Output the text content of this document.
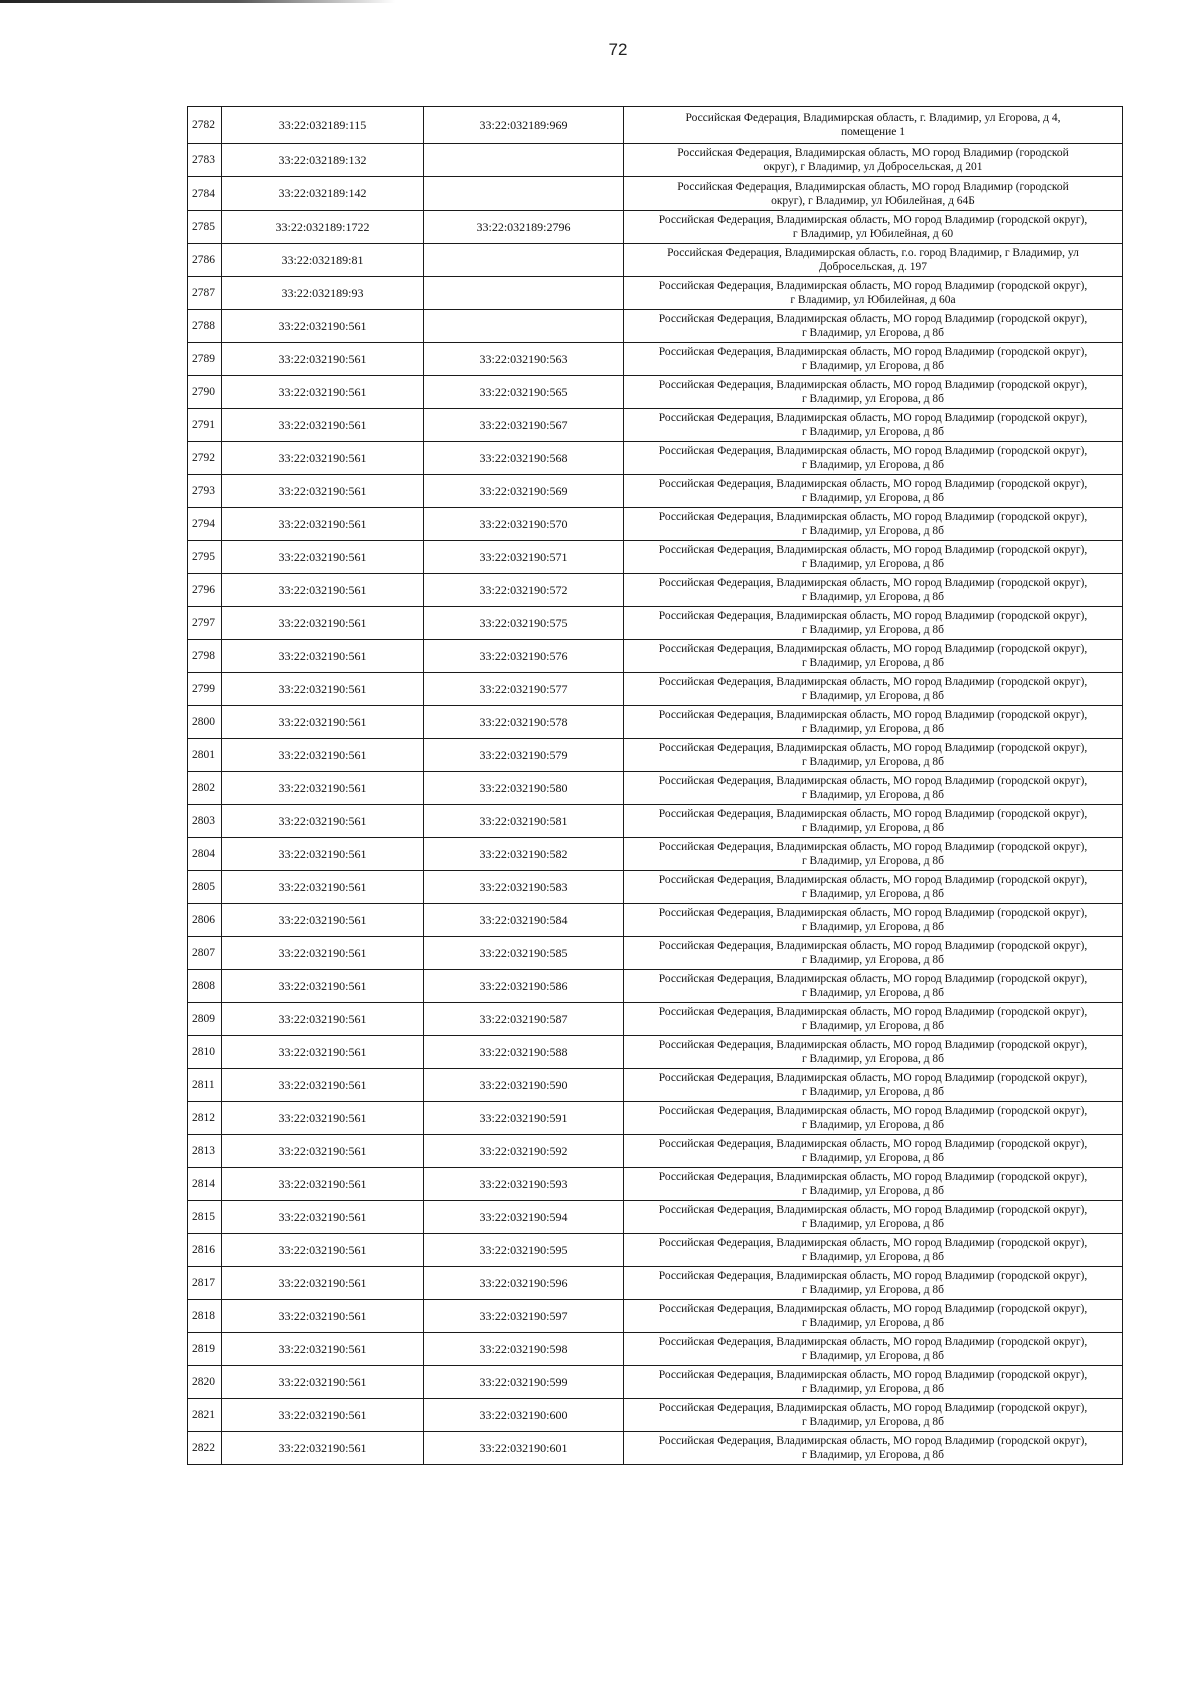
72
2782	33:22:032189:115	33:22:032189:969	Российская Федерация, Владимирская область, г. Владимир, ул Егорова, д 4,
помещение 1

2783	33:22:032189:132		Российская Федерация, Владимирская область, МО город Владимир (городской
округ), г Владимир, ул Добросельская, д 201

2784	33:22:032189:142		Российская Федерация, Владимирская область, МО город Владимир (городской
округ), г Владимир, ул Юбилейная, д 64Б

2785	33:22:032189:1722	33:22:032189:2796	Российская Федерация, Владимирская область, МО город Владимир (городской округ),
г Владимир, ул Юбилейная, д 60

2786	33:22:032189:81		Российская Федерация, Владимирская область, г.о. город Владимир, г Владимир, ул
Добросельская, д. 197

2787	33:22:032189:93		Российская Федерация, Владимирская область, МО город Владимир (городской округ),
г Владимир, ул Юбилейная, д 60а

2788	33:22:032190:561		Российская Федерация, Владимирская область, МО город Владимир (городской округ),
г Владимир, ул Егорова, д 8б

2789	33:22:032190:561	33:22:032190:563	Российская Федерация, Владимирская область, МО город Владимир (городской округ),
г Владимир, ул Егорова, д 8б

2790	33:22:032190:561	33:22:032190:565	Российская Федерация, Владимирская область, МО город Владимир (городской округ),
г Владимир, ул Егорова, д 8б

2791	33:22:032190:561	33:22:032190:567	Российская Федерация, Владимирская область, МО город Владимир (городской округ),
г Владимир, ул Егорова, д 8б

2792	33:22:032190:561	33:22:032190:568	Российская Федерация, Владимирская область, МО город Владимир (городской округ),
г Владимир, ул Егорова, д 8б

2793	33:22:032190:561	33:22:032190:569	Российская Федерация, Владимирская область, МО город Владимир (городской округ),
г Владимир, ул Егорова, д 8б

2794	33:22:032190:561	33:22:032190:570	Российская Федерация, Владимирская область, МО город Владимир (городской округ),
г Владимир, ул Егорова, д 8б

2795	33:22:032190:561	33:22:032190:571	Российская Федерация, Владимирская область, МО город Владимир (городской округ),
г Владимир, ул Егорова, д 8б

2796	33:22:032190:561	33:22:032190:572	Российская Федерация, Владимирская область, МО город Владимир (городской округ),
г Владимир, ул Егорова, д 8б

2797	33:22:032190:561	33:22:032190:575	Российская Федерация, Владимирская область, МО город Владимир (городской округ),
г Владимир, ул Егорова, д 8б

2798	33:22:032190:561	33:22:032190:576	Российская Федерация, Владимирская область, МО город Владимир (городской округ),
г Владимир, ул Егорова, д 8б

2799	33:22:032190:561	33:22:032190:577	Российская Федерация, Владимирская область, МО город Владимир (городской округ),
г Владимир, ул Егорова, д 8б

2800	33:22:032190:561	33:22:032190:578	Российская Федерация, Владимирская область, МО город Владимир (городской округ),
г Владимир, ул Егорова, д 8б

2801	33:22:032190:561	33:22:032190:579	Российская Федерация, Владимирская область, МО город Владимир (городской округ),
г Владимир, ул Егорова, д 8б

2802	33:22:032190:561	33:22:032190:580	Российская Федерация, Владимирская область, МО город Владимир (городской округ),
г Владимир, ул Егорова, д 8б

2803	33:22:032190:561	33:22:032190:581	Российская Федерация, Владимирская область, МО город Владимир (городской округ),
г Владимир, ул Егорова, д 8б

2804	33:22:032190:561	33:22:032190:582	Российская Федерация, Владимирская область, МО город Владимир (городской округ),
г Владимир, ул Егорова, д 8б

2805	33:22:032190:561	33:22:032190:583	Российская Федерация, Владимирская область, МО город Владимир (городской округ),
г Владимир, ул Егорова, д 8б

2806	33:22:032190:561	33:22:032190:584	Российская Федерация, Владимирская область, МО город Владимир (городской округ),
г Владимир, ул Егорова, д 8б

2807	33:22:032190:561	33:22:032190:585	Российская Федерация, Владимирская область, МО город Владимир (городской округ),
г Владимир, ул Егорова, д 8б

2808	33:22:032190:561	33:22:032190:586	Российская Федерация, Владимирская область, МО город Владимир (городской округ),
г Владимир, ул Егорова, д 8б

2809	33:22:032190:561	33:22:032190:587	Российская Федерация, Владимирская область, МО город Владимир (городской округ),
г Владимир, ул Егорова, д 8б

2810	33:22:032190:561	33:22:032190:588	Российская Федерация, Владимирская область, МО город Владимир (городской округ),
г Владимир, ул Егорова, д 8б

2811	33:22:032190:561	33:22:032190:590	Российская Федерация, Владимирская область, МО город Владимир (городской округ),
г Владимир, ул Егорова, д 8б

2812	33:22:032190:561	33:22:032190:591	Российская Федерация, Владимирская область, МО город Владимир (городской округ),
г Владимир, ул Егорова, д 8б

2813	33:22:032190:561	33:22:032190:592	Российская Федерация, Владимирская область, МО город Владимир (городской округ),
г Владимир, ул Егорова, д 8б

2814	33:22:032190:561	33:22:032190:593	Российская Федерация, Владимирская область, МО город Владимир (городской округ),
г Владимир, ул Егорова, д 8б

2815	33:22:032190:561	33:22:032190:594	Российская Федерация, Владимирская область, МО город Владимир (городской округ),
г Владимир, ул Егорова, д 8б

2816	33:22:032190:561	33:22:032190:595	Российская Федерация, Владимирская область, МО город Владимир (городской округ),
г Владимир, ул Егорова, д 8б

2817	33:22:032190:561	33:22:032190:596	Российская Федерация, Владимирская область, МО город Владимир (городской округ),
г Владимир, ул Егорова, д 8б

2818	33:22:032190:561	33:22:032190:597	Российская Федерация, Владимирская область, МО город Владимир (городской округ),
г Владимир, ул Егорова, д 8б

2819	33:22:032190:561	33:22:032190:598	Российская Федерация, Владимирская область, МО город Владимир (городской округ),
г Владимир, ул Егорова, д 8б

2820	33:22:032190:561	33:22:032190:599	Российская Федерация, Владимирская область, МО город Владимир (городской округ),
г Владимир, ул Егорова, д 8б

2821	33:22:032190:561	33:22:032190:600	Российская Федерация, Владимирская область, МО город Владимир (городской округ),
г Владимир, ул Егорова, д 8б

2822	33:22:032190:561	33:22:032190:601	Российская Федерация, Владимирская область, МО город Владимир (городской округ),
г Владимир, ул Егорова, д 8б
